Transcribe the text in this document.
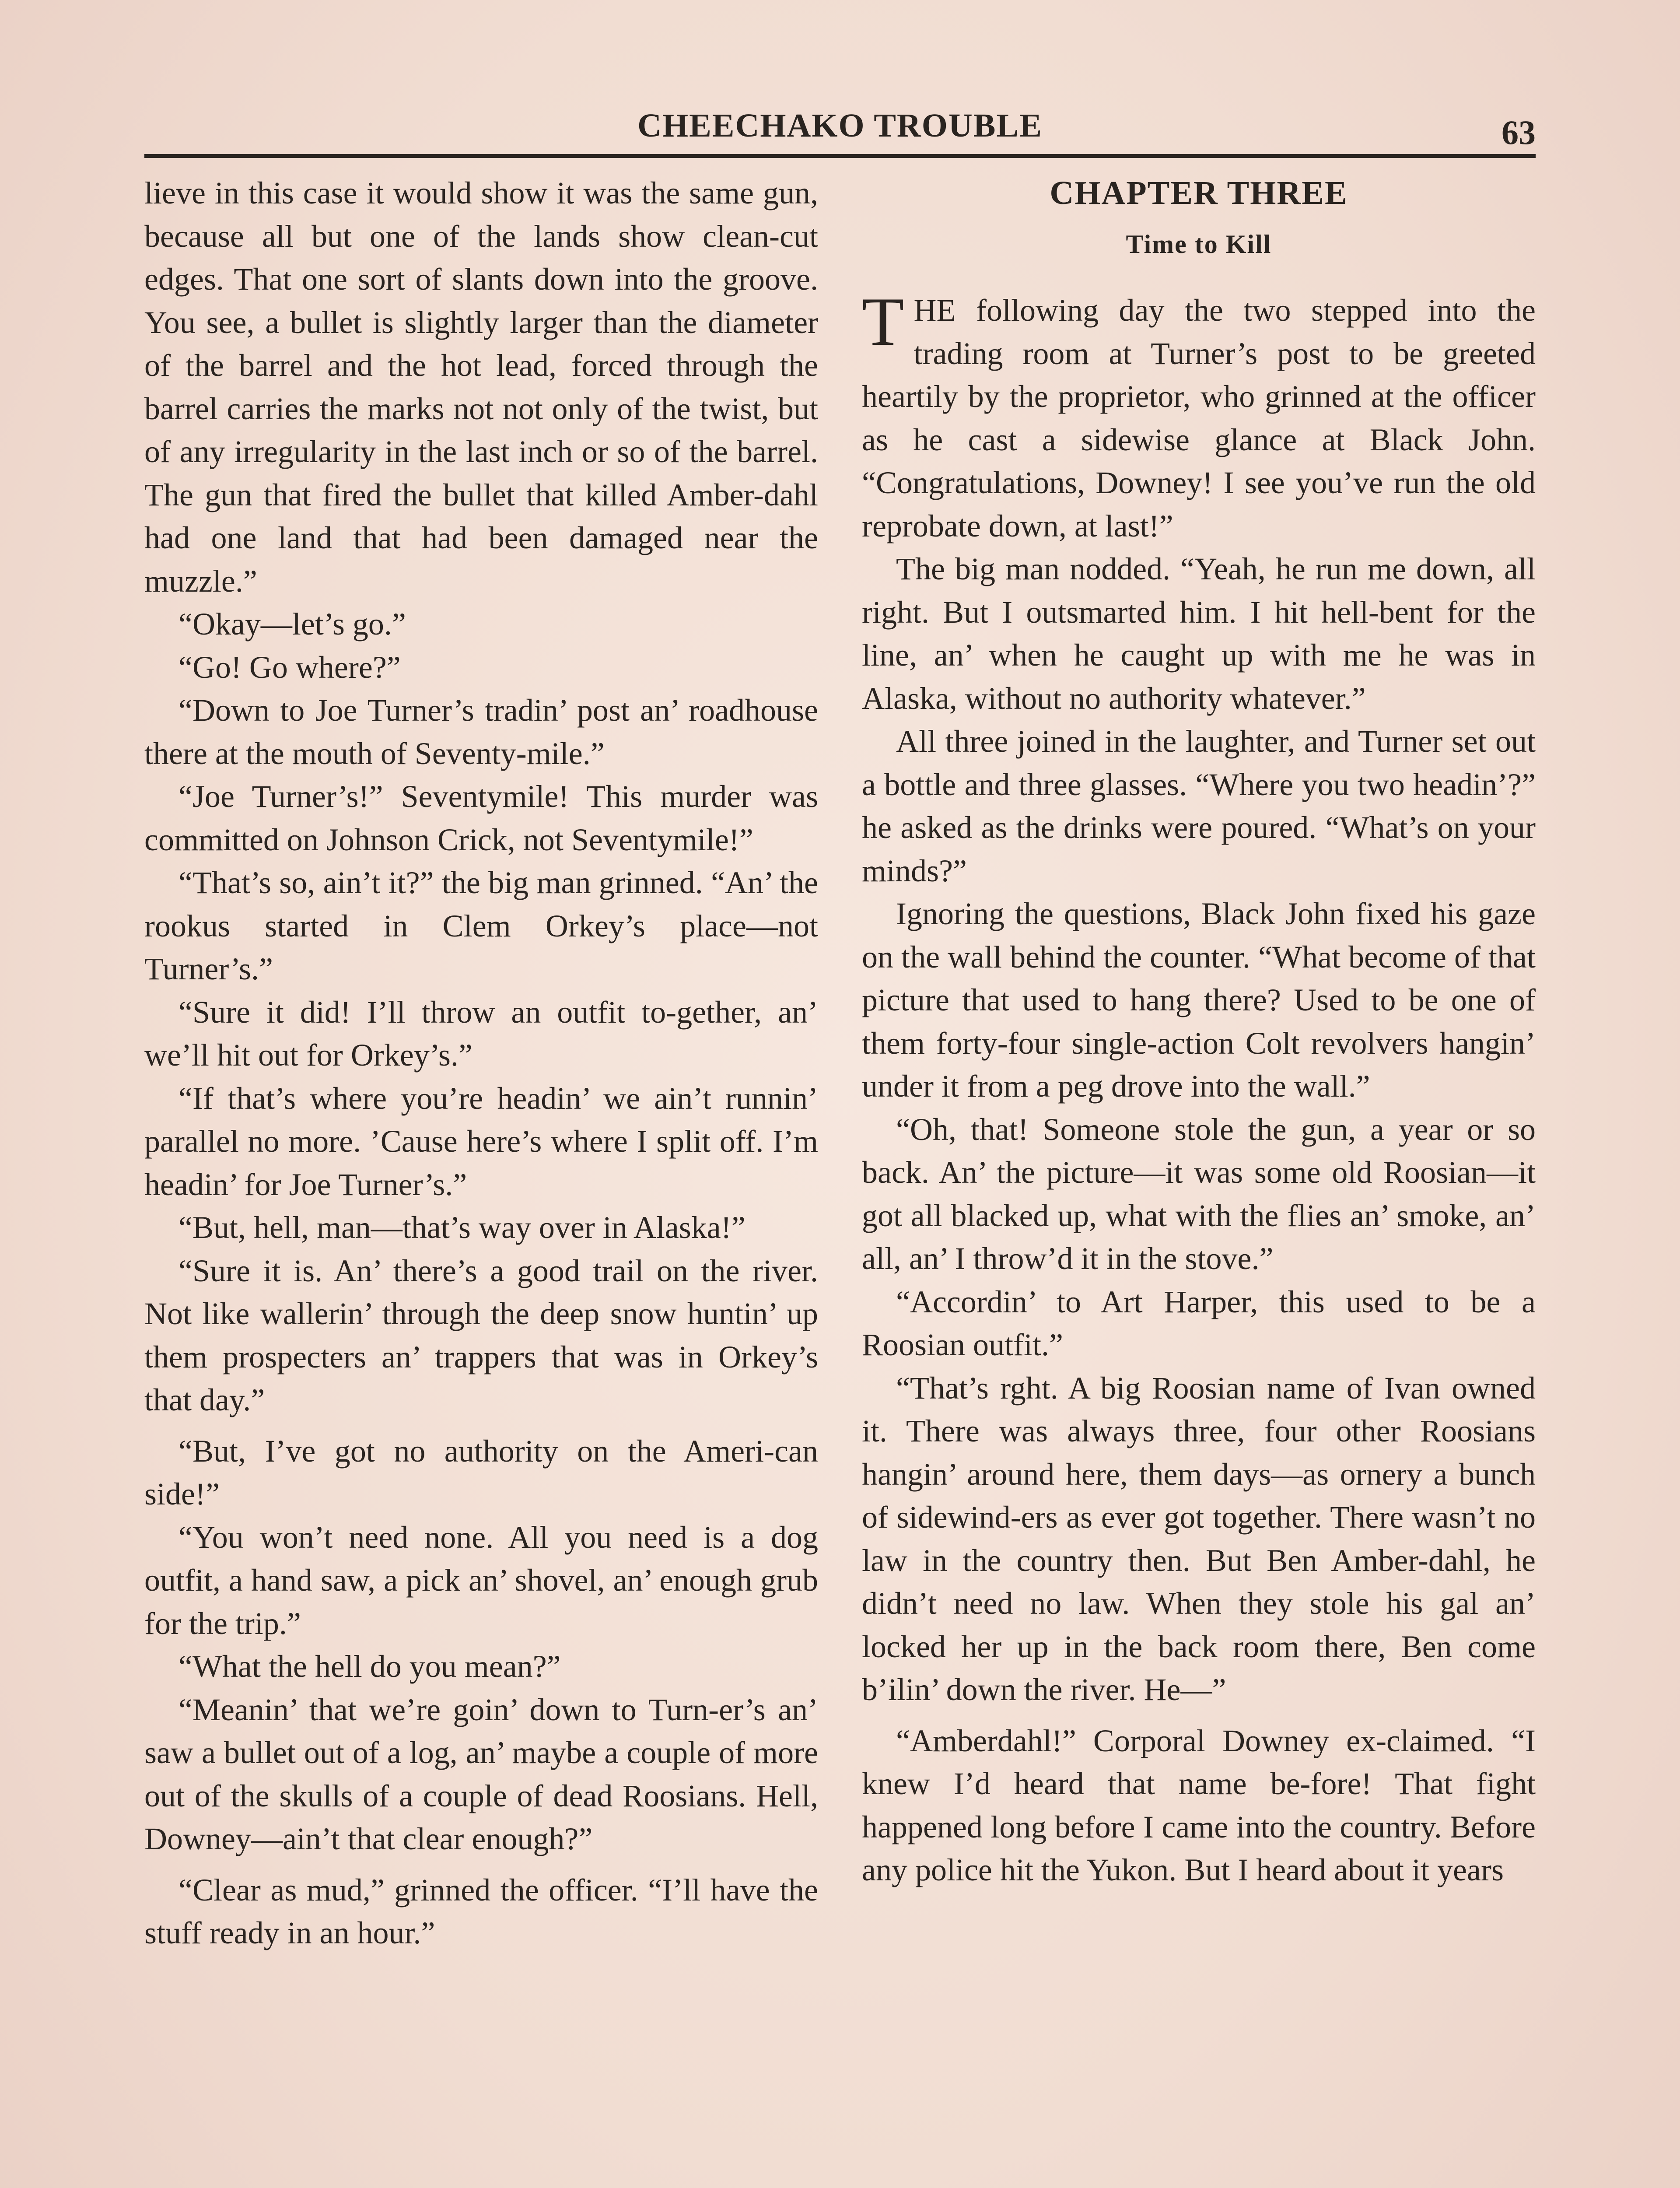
CHEECHAKO TROUBLE	63

lieve in this case it would show it was the same gun, because all but one of the lands show clean-cut edges. That one sort of slants down into the groove. You see, a bullet is slightly larger than the diameter of the barrel and the hot lead, forced through the barrel carries the marks not not only of the twist, but of any irregularity in the last inch or so of the barrel. The gun that fired the bullet that killed Amber-dahl had one land that had been damaged near the muzzle.”

“Okay—let’s go.”

“Go! Go where?”

“Down to Joe Turner’s tradin’ post an’ roadhouse there at the mouth of Seventy-mile.”

“Joe Turner’s!” Seventymile! This murder was committed on Johnson Crick, not Seventymile!”

“That’s so, ain’t it?” the big man grinned. “An’ the rookus started in Clem Orkey’s place—not Turner’s.”

“Sure it did! I’ll throw an outfit to-gether, an’ we’ll hit out for Orkey’s.”

“If that’s where you’re headin’ we ain’t runnin’ parallel no more. ’Cause here’s where I split off. I’m headin’ for Joe Turner’s.”

“But, hell, man—that’s way over in Alaska!”

“Sure it is. An’ there’s a good trail on the river. Not like wallerin’ through the deep snow huntin’ up them prospecters an’ trappers that was in Orkey’s that day.”

“But, I’ve got no authority on the Ameri-can side!”

“You won’t need none. All you need is a dog outfit, a hand saw, a pick an’ shovel, an’ enough grub for the trip.”

“What the hell do you mean?”

“Meanin’ that we’re goin’ down to Turn-er’s an’ saw a bullet out of a log, an’ maybe a couple of more out of the skulls of a couple of dead Roosians. Hell, Downey—ain’t that clear enough?”

“Clear as mud,” grinned the officer. “I’ll have the stuff ready in an hour.”

CHAPTER THREE
Time to Kill

THE following day the two stepped into the trading room at Turner’s post to be greeted heartily by the proprietor, who grinned at the officer as he cast a sidewise glance at Black John. “Congratulations, Downey! I see you’ve run the old reprobate down, at last!”

The big man nodded. “Yeah, he run me down, all right. But I outsmarted him. I hit hell-bent for the line, an’ when he caught up with me he was in Alaska, without no authority whatever.”

All three joined in the laughter, and Turner set out a bottle and three glasses. “Where you two headin’?” he asked as the drinks were poured. “What’s on your minds?”

Ignoring the questions, Black John fixed his gaze on the wall behind the counter. “What become of that picture that used to hang there? Used to be one of them forty-four single-action Colt revolvers hangin’ under it from a peg drove into the wall.”

“Oh, that! Someone stole the gun, a year or so back. An’ the picture—it was some old Roosian—it got all blacked up, what with the flies an’ smoke, an’ all, an’ I throw’d it in the stove.”

“Accordin’ to Art Harper, this used to be a Roosian outfit.”

“That’s rght. A big Roosian name of Ivan owned it. There was always three, four other Roosians hangin’ around here, them days—as ornery a bunch of sidewind-ers as ever got together. There wasn’t no law in the country then. But Ben Amber-dahl, he didn’t need no law. When they stole his gal an’ locked her up in the back room there, Ben come b’ilin’ down the river. He—”

“Amberdahl!” Corporal Downey ex-claimed. “I knew I’d heard that name be-fore! That fight happened long before I came into the country. Before any police hit the Yukon. But I heard about it years
